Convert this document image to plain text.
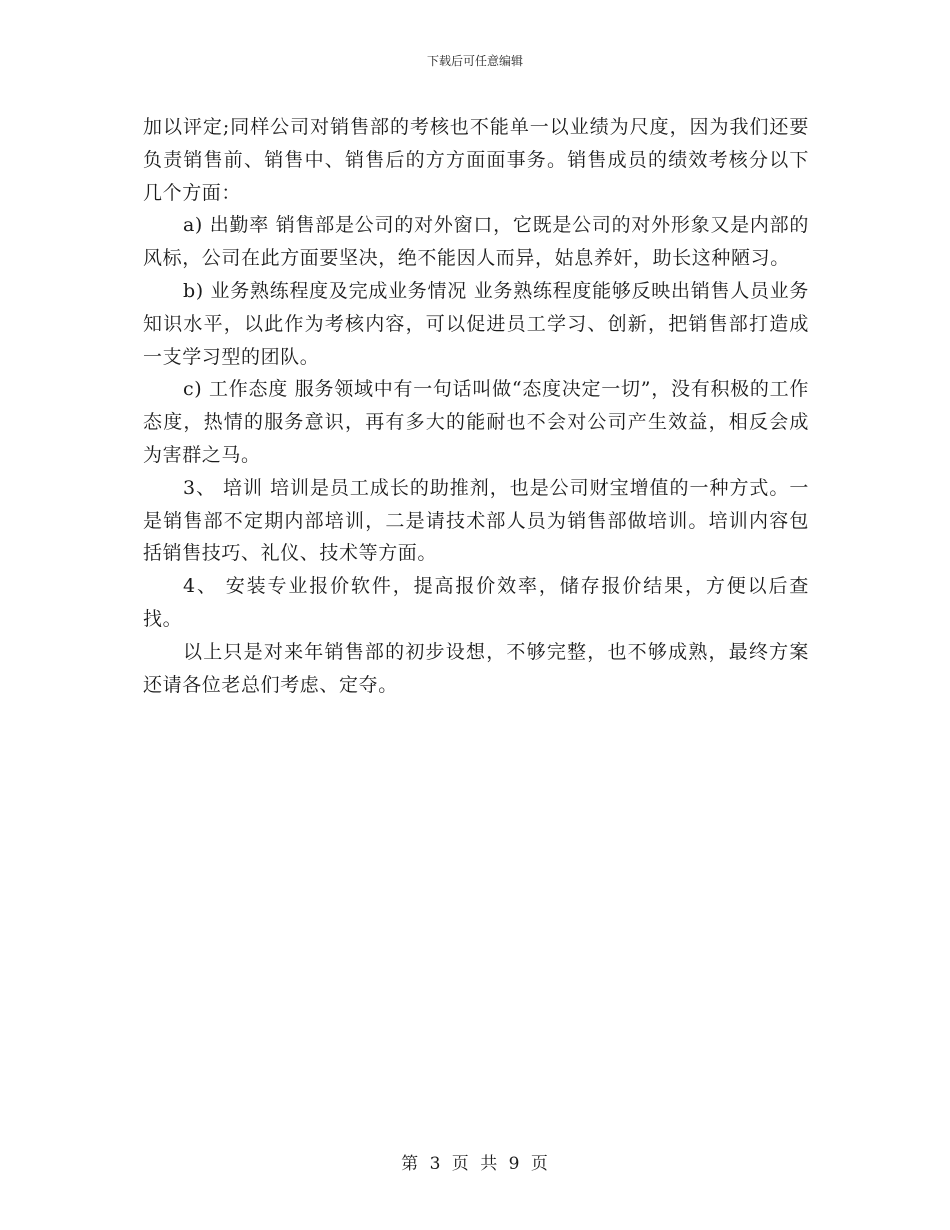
下载后可任意编辑

加以评定;同样公司对销售部的考核也不能单一以业绩为尺度，因为我们还要负责销售前、销售中、销售后的方方面面事务。销售成员的绩效考核分以下几个方面：

a) 出勤率 销售部是公司的对外窗口，它既是公司的对外形象又是内部的风标，公司在此方面要坚决，绝不能因人而异，姑息养奸，助长这种陋习。

b) 业务熟练程度及完成业务情况 业务熟练程度能够反映出销售人员业务知识水平，以此作为考核内容，可以促进员工学习、创新，把销售部打造成一支学习型的团队。

c) 工作态度 服务领域中有一句话叫做“态度决定一切”，没有积极的工作态度，热情的服务意识，再有多大的能耐也不会对公司产生效益，相反会成为害群之马。

3、 培训 培训是员工成长的助推剂，也是公司财宝增值的一种方式。一是销售部不定期内部培训，二是请技术部人员为销售部做培训。培训内容包括销售技巧、礼仪、技术等方面。

4、 安装专业报价软件，提高报价效率，储存报价结果，方便以后查找。

以上只是对来年销售部的初步设想，不够完整，也不够成熟，最终方案还请各位老总们考虑、定夺。

第 3 页 共 9 页
